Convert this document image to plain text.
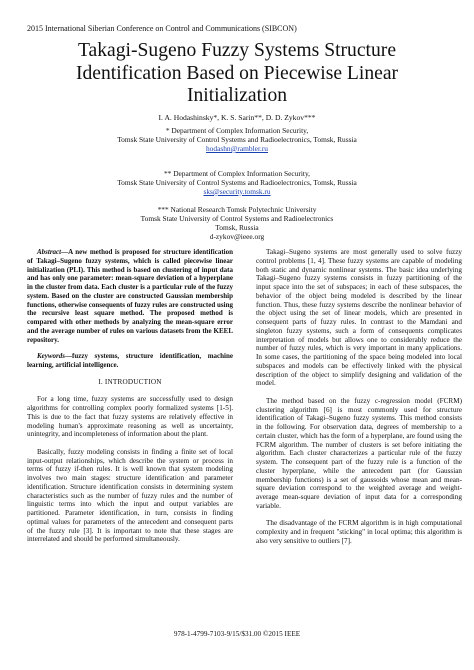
2015 International Siberian Conference on Control and Communications (SIBCON)
Takagi-Sugeno Fuzzy Systems Structure
Identification Based on Piecewise Linear
Initialization
I. A. Hodashinsky*, K. S. Sarin**, D. D. Zykov***
* Department of Complex Information Security,
Tomsk State University of Control Systems and Radioelectronics, Tomsk, Russia
hodashn@rambler.ru
** Department of Complex Information Security,
Tomsk State University of Control Systems and Radioelectronics, Tomsk, Russia
sks@security.tomsk.ru
*** National Research Tomsk Polytechnic University
Tomsk State University of Control Systems and Radioelectronics
Tomsk, Russia
d-zykov@ieee.org

Abstract—A new method is proposed for structure identification of Takagi–Sugeno fuzzy systems, which is called piecewise linear initialization (PLI). This method is based on clustering of input data and has only one parameter: mean-square deviation of a hyperplane in the cluster from data. Each cluster is a particular rule of the fuzzy system. Based on the cluster are constructed Gaussian membership functions, otherwise consequents of fuzzy rules are constructed using the recursive least square method. The proposed method is compared with other methods by analyzing the mean-square error and the average number of rules on various datasets from the KEEL repository.

Keywords—fuzzy systems, structure identification, machine learning, artificial intelligence.

I. INTRODUCTION

For a long time, fuzzy systems are successfully used to design algorithms for controlling complex poorly formalized systems [1-5]. This is due to the fact that fuzzy systems are relatively effective in modeling human's approximate reasoning as well as uncertainty, unintegrity, and incompleteness of information about the plant.

Basically, fuzzy modeling consists in finding a finite set of local input-output relationships, which describe the system or process in terms of fuzzy if-then rules. It is well known that system modeling involves two main stages: structure identification and parameter identification. Structure identification consists in determining system characteristics such as the number of fuzzy rules and the number of linguistic terms into which the input and output variables are partitioned. Parameter identification, in turn, consists in finding optimal values for parameters of the antecedent and consequent parts of the fuzzy rule [3]. It is important to note that these stages are interrelated and should be performed simultaneously.

Takagi–Sugeno systems are most generally used to solve fuzzy control problems [1, 4]. These fuzzy systems are capable of modeling both static and dynamic nonlinear systems. The basic idea underlying Takagi–Sugeno fuzzy systems consists in fuzzy partitioning of the input space into the set of subspaces; in each of these subspaces, the behavior of the object being modeled is described by the linear function. Thus, these fuzzy systems describe the nonlinear behavior of the object using the set of linear models, which are presented in consequent parts of fuzzy rules. In contrast to the Mamdani and singleton fuzzy systems, such a form of consequents complicates interpretation of models but allows one to considerably reduce the number of fuzzy rules, which is very important in many applications. In some cases, the partitioning of the space being modeled into local subspaces and models can be effectively linked with the physical description of the object to simplify designing and validation of the model.

The method based on the fuzzy c-regression model (FCRM) clustering algorithm [6] is most commonly used for structure identification of Takagi–Sugeno fuzzy systems. This method consists in the following. For observation data, degrees of membership to a certain cluster, which has the form of a hyperplane, are found using the FCRM algorithm. The number of clusters is set before initiating the algorithm. Each cluster characterizes a particular rule of the fuzzy system. The consequent part of the fuzzy rule is a function of the cluster hyperplane, while the antecedent part (for Gaussian membership functions) is a set of gaussoids whose mean and mean-square deviation correspond to the weighted average and weight-average mean-square deviation of input data for a corresponding variable.

The disadvantage of the FCRM algorithm is in high computational complexity and in frequent "sticking" in local optima; this algorithm is also very sensitive to outliers [7].

978-1-4799-7103-9/15/$31.00 ©2015 IEEE
